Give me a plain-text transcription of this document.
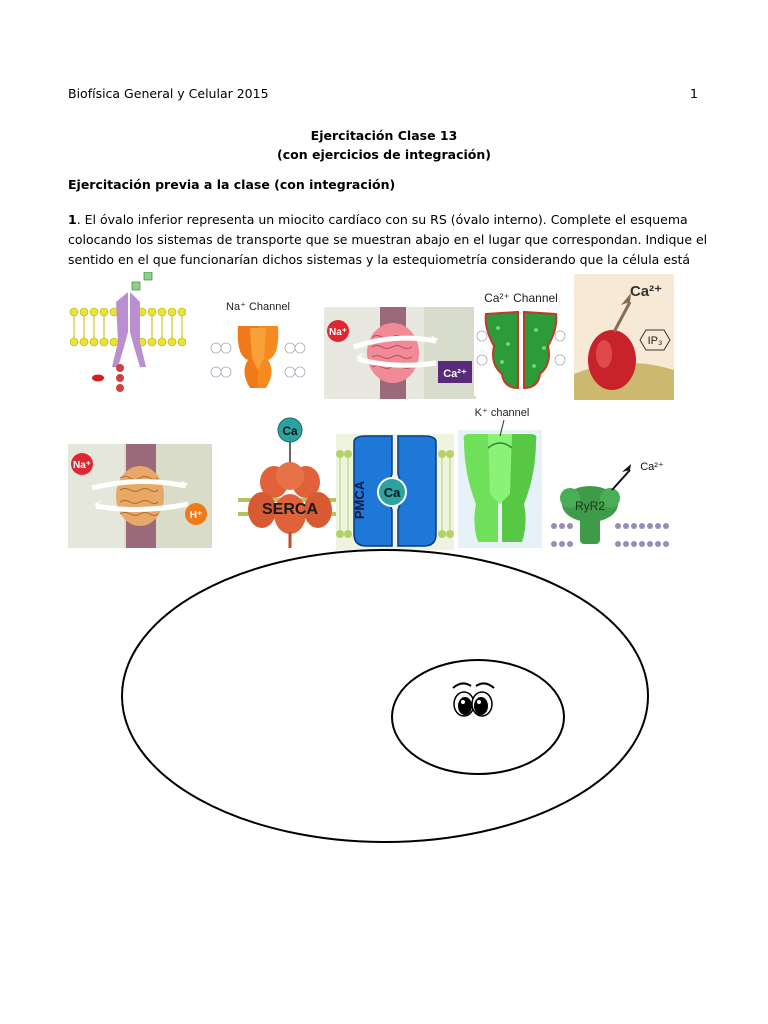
Biofísica General y Celular 2015	1
Ejercitación Clase 13
(con ejercicios de integración)
Ejercitación previa a la clase (con integración)
1. El óvalo inferior representa un miocito cardíaco con su RS (óvalo interno). Complete el esquema colocando los sistemas de transporte que se muestran abajo en el lugar que correspondan. Indique el sentido en el que funcionarían dichos sistemas y la estequiometría considerando que la célula está
Na⁺ Channel
Na⁺
Ca²⁺
Ca²⁺ Channel	Ca²⁺
IP₃
Na⁺
H⁺
Ca
SERCA
Ca
PMCA
K⁺ channel
RyR2
Ca²⁺
